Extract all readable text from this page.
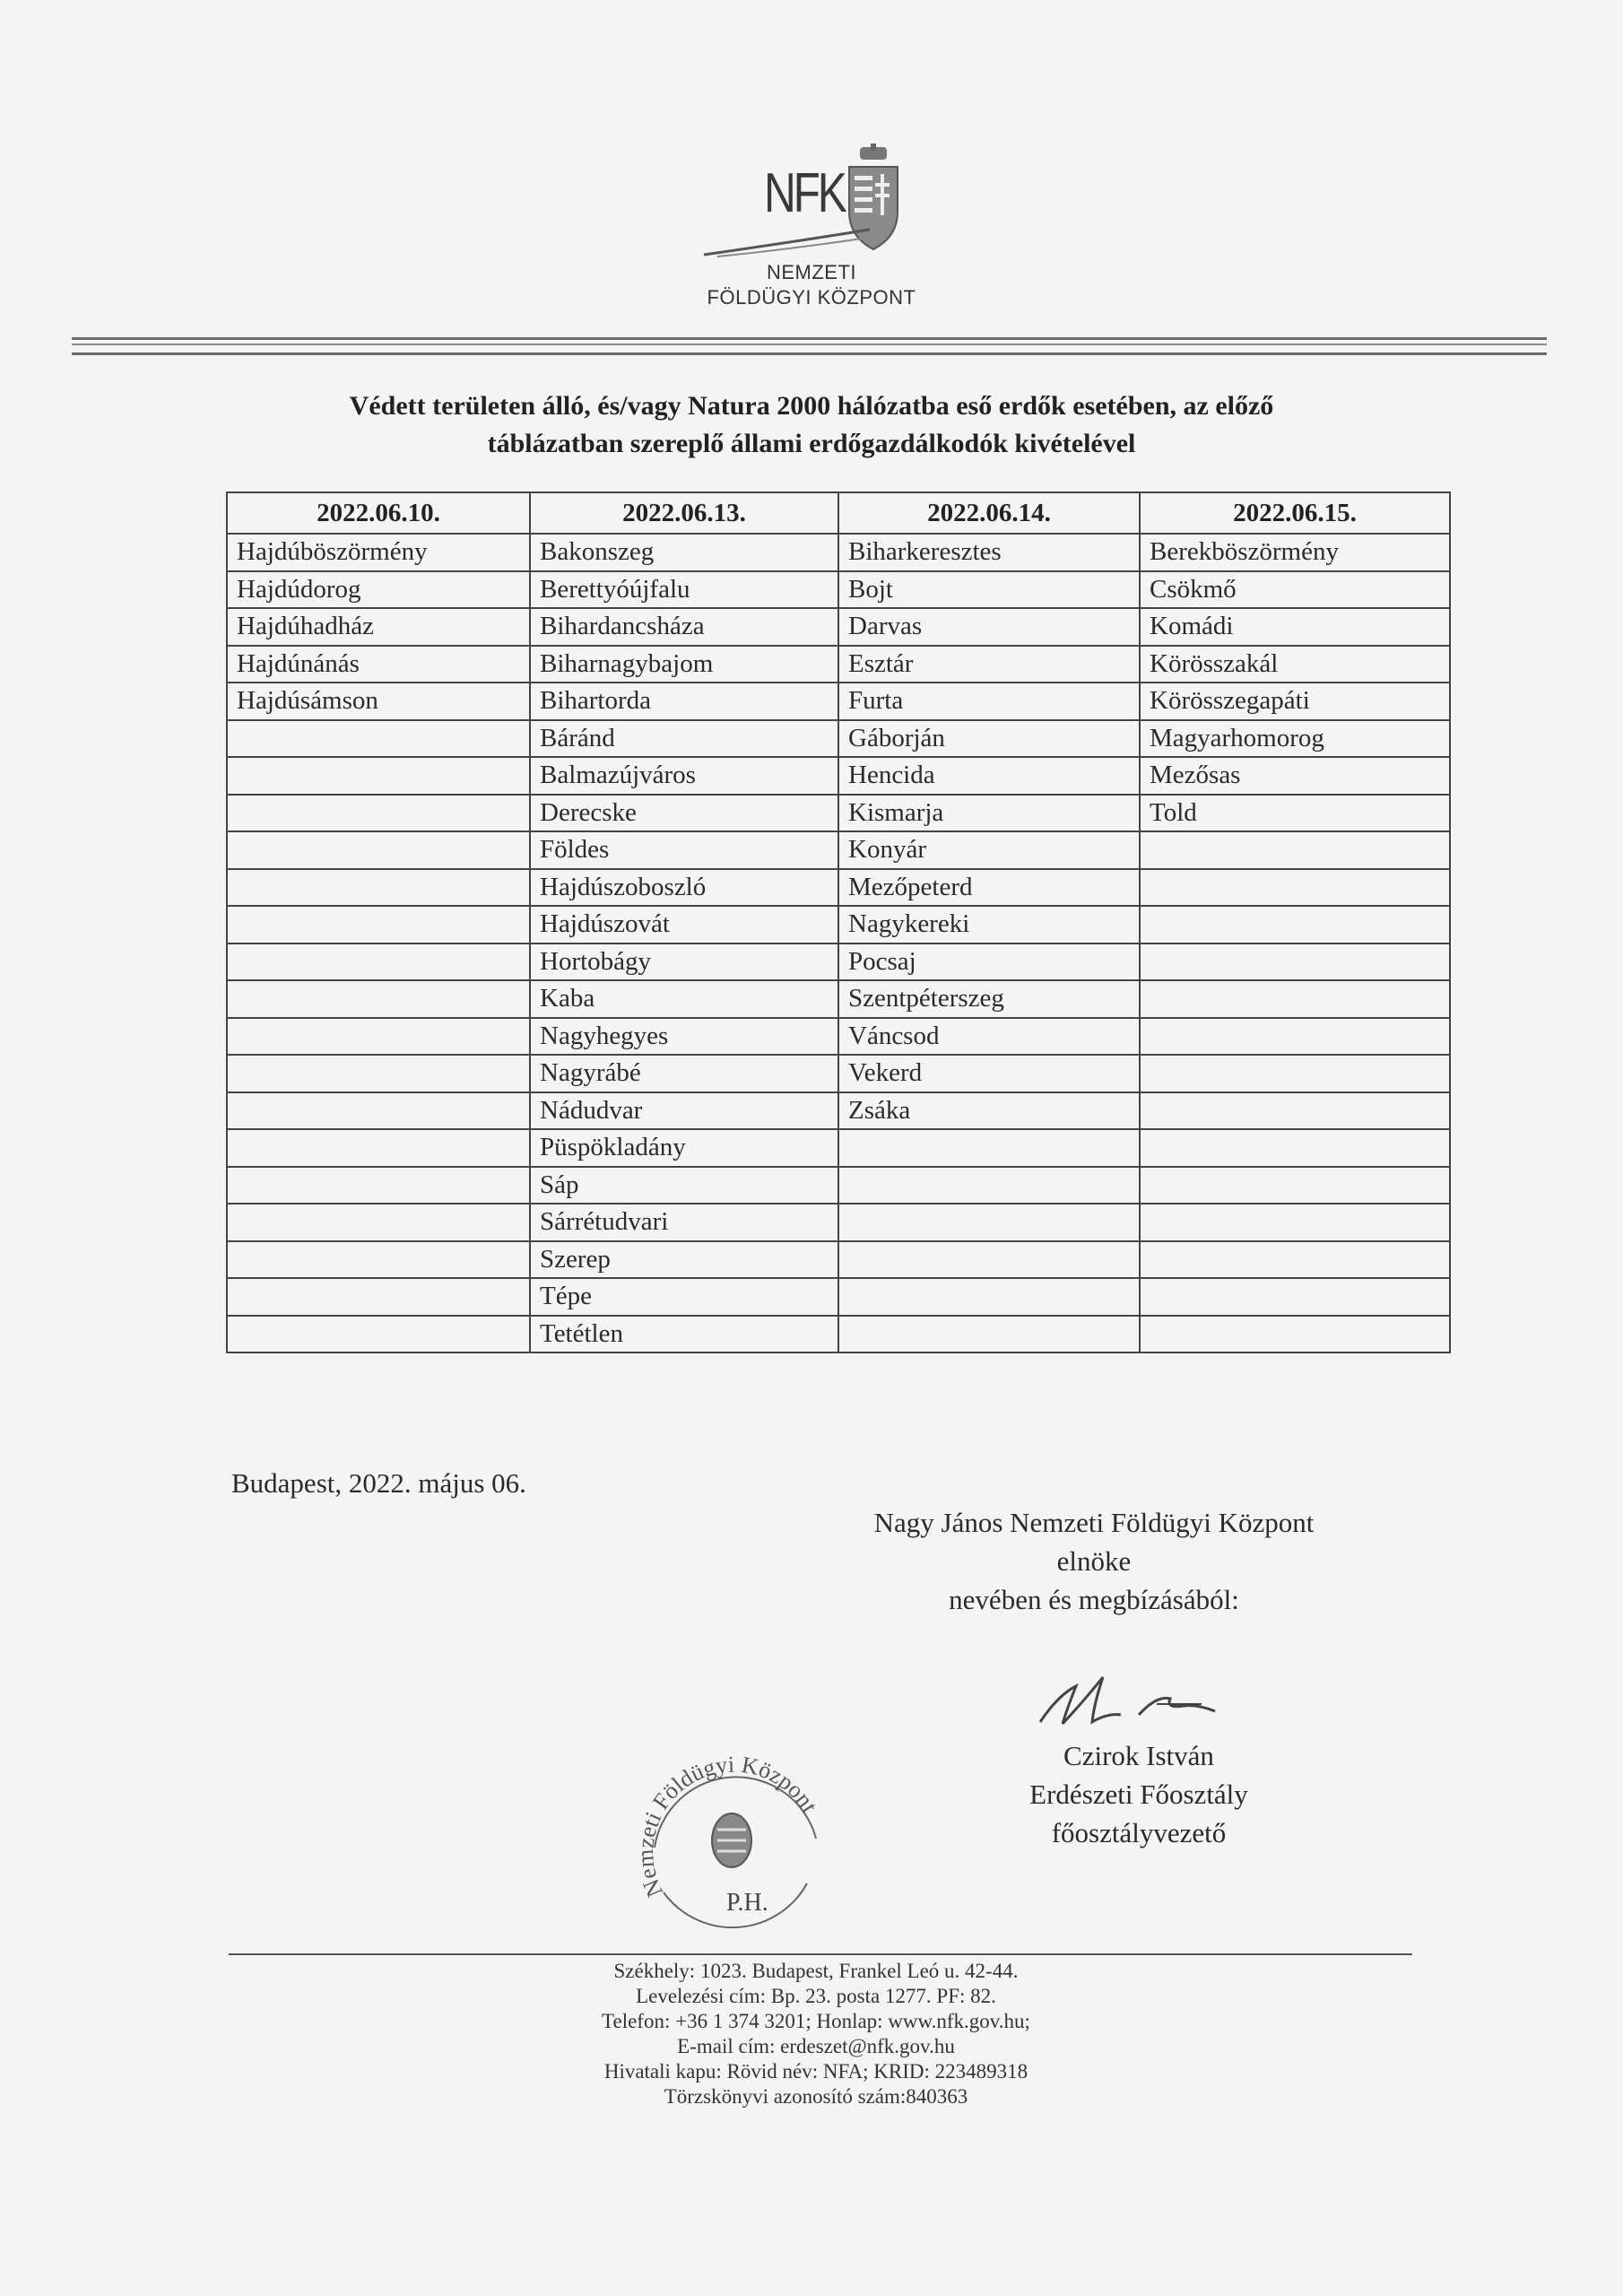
NFK
NEMZETI
FÖLDÜGYI KÖZPONT
Védett területen álló, és/vagy Natura 2000 hálózatba eső erdők esetében, az előző
táblázatban szereplő állami erdőgazdálkodók kivételével
2022.06.10.	2022.06.13.	2022.06.14.	2022.06.15.
Hajdúböszörmény	Bakonszeg	Biharkeresztes	Berekböszörmény
Hajdúdorog	Berettyóújfalu	Bojt	Csökmő
Hajdúhadház	Bihardancsháza	Darvas	Komádi
Hajdúnánás	Biharnagybajom	Esztár	Körösszakál
Hajdúsámson	Bihartorda	Furta	Körösszegapáti
	Báránd	Gáborján	Magyarhomorog
	Balmazújváros	Hencida	Mezősas
	Derecske	Kismarja	Told
	Földes	Konyár	
	Hajdúszoboszló	Mezőpeterd	
	Hajdúszovát	Nagykereki	
	Hortobágy	Pocsaj	
	Kaba	Szentpéterszeg	
	Nagyhegyes	Váncsod	
	Nagyrábé	Vekerd	
	Nádudvar	Zsáka	
	Püspökladány		
	Sáp		
	Sárrétudvari		
	Szerep		
	Tépe		
	Tetétlen		
Budapest, 2022. május 06.
Nagy János Nemzeti Földügyi Központ
elnöke
nevében és megbízásából:
Czirok István
Erdészeti Főosztály
főosztályvezető
Nemzeti Földügyi Központ
P.H.
Székhely: 1023. Budapest, Frankel Leó u. 42-44.
Levelezési cím: Bp. 23. posta 1277. PF: 82.
Telefon: +36 1 374 3201; Honlap: www.nfk.gov.hu;
E-mail cím: erdeszet@nfk.gov.hu
Hivatali kapu: Rövid név: NFA; KRID: 223489318
Törzskönyvi azonosító szám:840363
